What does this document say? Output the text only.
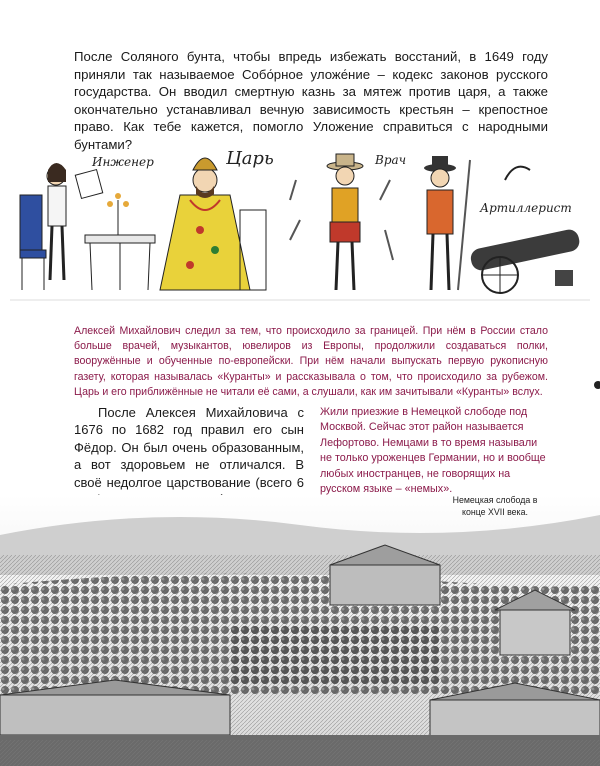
После Соляного бунта, чтобы впредь избежать восстаний, в 1649 году приняли так называемое Собо́рное уложе́ние – кодекс законов русского государства. Он вводил смертную казнь за мятеж против царя, а также окончательно устанавливал вечную зависимость крестьян – крепостное право. Как тебе кажется, помогло Уложение справиться с народными бунтами?

Инженер	Царь	Врач
Артиллерист

Алексей Михайлович следил за тем, что происходило за границей. При нём в России стало больше врачей, музыкантов, ювелиров из Европы, продолжили создаваться полки, вооружённые и обученные по-европейски. При нём начали выпускать первую рукописную газету, которая называлась «Куранты» и рассказывала о том, что происходило за рубежом. Царь и его приближённые не читали её сами, а слушали, как им зачитывали «Куранты» вслух.

После Алексея Михайловича с 1676 по 1682 год правил его сын Фёдор. Он был очень образованным, а вот здоровьем не отличался. В своё недолгое царствование (всего 6

Жили приезжие в Немецкой слободе под Москвой. Сейчас этот район называется Лефортово. Немцами в то время называли не только уроженцев Германии, но и вообще любых иностранцев, не говорящих на русском языке – «немых».

Немецкая слобода в конце XVII века.
